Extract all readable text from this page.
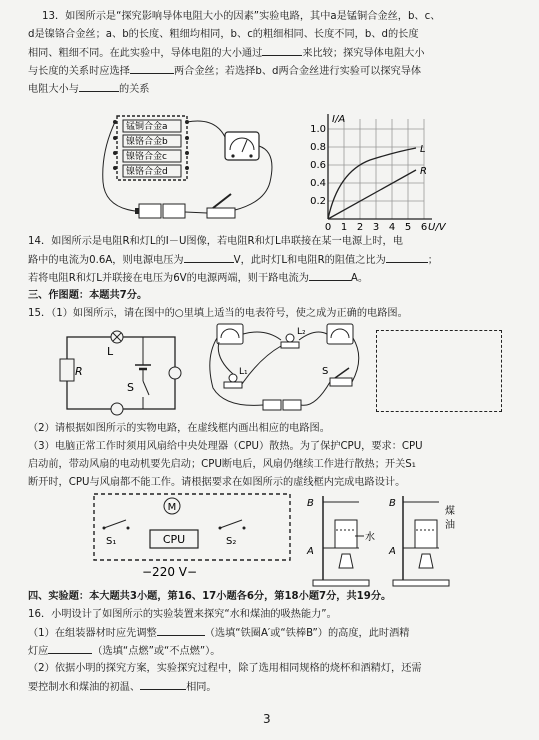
13．如图所示是“探究影响导体电阻大小的因素”实验电路，其中a是锰铜合金丝，b、c、
d是镍铬合金丝；a、b的长度、粗细均相同，b、c的粗细相同、长度不同，b、d的长度
相同、粗细不同。在此实验中，导体电阻的大小通过	来比较；探究导体电阻大小
与长度的关系时应选择	两合金丝；若选择b、d两合金丝进行实验可以探究导体
电阻大小与	的关系
锰铜合金a
镍铬合金b
镍铬合金c
镍铬合金d
I/A
U/V
1.0
0.8
0.6
0.4
0.2
0 1 2 3 4 5 6
L
R
14．如图所示是电阻R和灯L的I－U图像，若电阻R和灯L串联接在某一电源上时，电
路中的电流为0.6A，则电源电压为	V，此时灯L和电阻R的阻值之比为	；
若将电阻R和灯L并联接在电压为6V的电源两端，则干路电流为	A。
三、作图题：本题共7分。
15．（1）如图所示，请在图中的○里填上适当的电表符号，使之成为正确的电路图。
R
L
S
L₂
L₁	S
（2）请根据如图所示的实物电路，在虚线框内画出相应的电路图。
（3）电脑正常工作时须用风扇给中央处理器（CPU）散热。为了保护CPU，要求：CPU
启动前，带动风扇的电动机要先启动；CPU断电后，风扇仍继续工作进行散热；开关S₁
断开时，CPU与风扇都不能工作。请根据要求在如图所示的虚线框内完成电路设计。
M
CPU
S₁	S₂
−220 V−
B
A
水
B
A
煤
油
四、实验题：本大题共3小题，第16、17小题各6分，第18小题7分，共19分。
16．小明设计了如图所示的实验装置来探究“水和煤油的吸热能力”。
（1）在组装器材时应先调整	（选填“铁圈A′或“铁棒B”）的高度，此时酒精
灯应	（选填“点燃”或“不点燃”）。
（2）依据小明的探究方案，实验探究过程中，除了选用相同规格的烧杯和酒精灯，还需
要控制水和煤油的初温、	相同。
3
